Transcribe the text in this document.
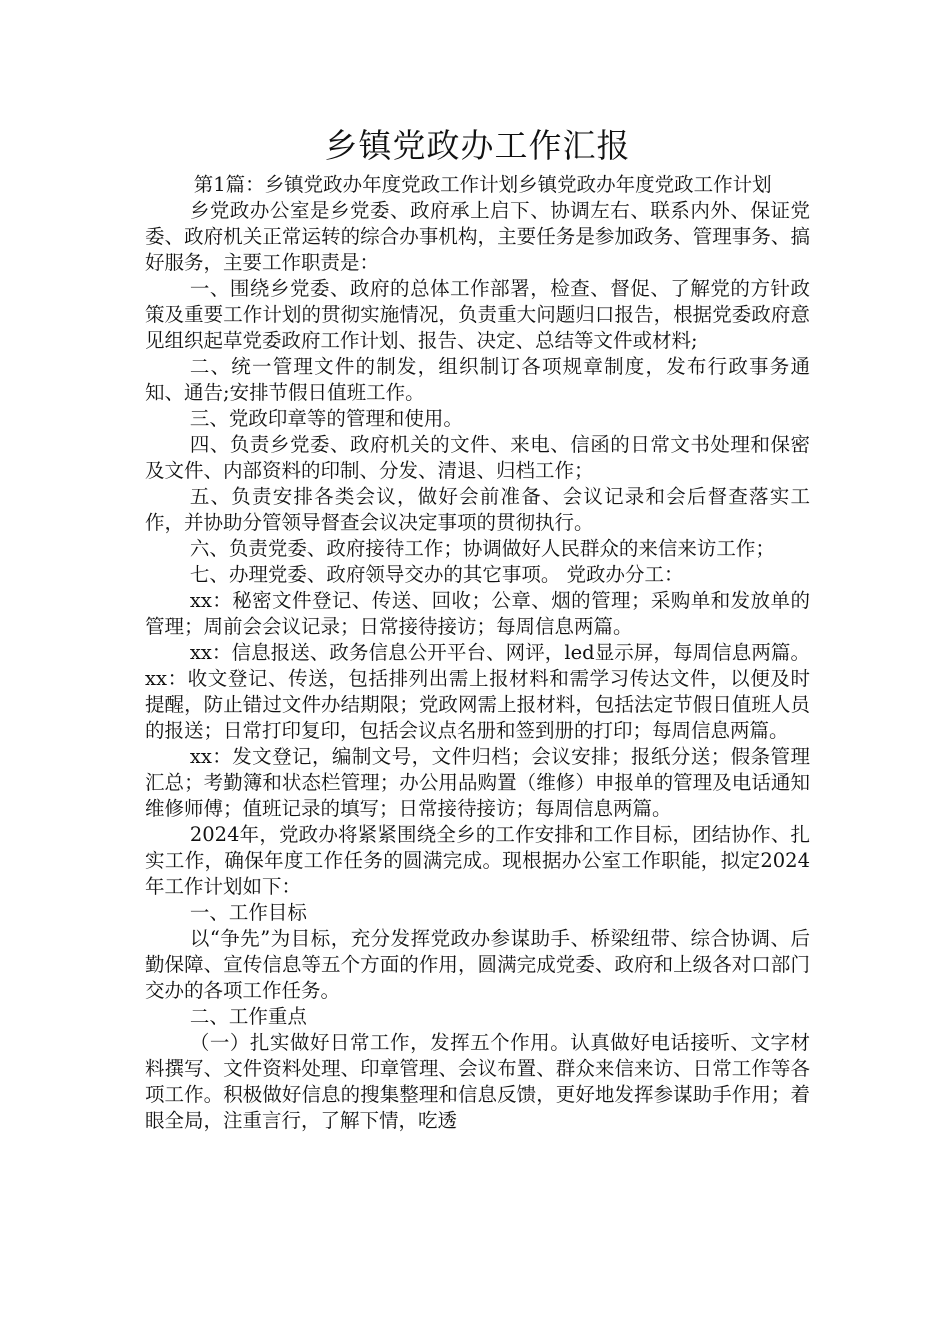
乡镇党政办工作汇报

第1篇：乡镇党政办年度党政工作计划乡镇党政办年度党政工作计划

乡党政办公室是乡党委、政府承上启下、协调左右、联系内外、保证党委、政府机关正常运转的综合办事机构，主要任务是参加政务、管理事务、搞好服务，主要工作职责是：

一、围绕乡党委、政府的总体工作部署，检查、督促、了解党的方针政策及重要工作计划的贯彻实施情况，负责重大问题归口报告，根据党委政府意见组织起草党委政府工作计划、报告、决定、总结等文件或材料;

二、统一管理文件的制发，组织制订各项规章制度，发布行政事务通知、通告;安排节假日值班工作。

三、党政印章等的管理和使用。

四、负责乡党委、政府机关的文件、来电、信函的日常文书处理和保密及文件、内部资料的印制、分发、清退、归档工作；

五、负责安排各类会议，做好会前准备、会议记录和会后督查落实工作，并协助分管领导督查会议决定事项的贯彻执行。

六、负责党委、政府接待工作；协调做好人民群众的来信来访工作；

七、办理党委、政府领导交办的其它事项。 党政办分工：

xx：秘密文件登记、传送、回收；公章、烟的管理；采购单和发放单的管理；周前会会议记录；日常接待接访；每周信息两篇。

xx：信息报送、政务信息公开平台、网评，led显示屏，每周信息两篇。 xx：收文登记、传送，包括排列出需上报材料和需学习传达文件，以便及时提醒，防止错过文件办结期限；党政网需上报材料，包括法定节假日值班人员的报送；日常打印复印，包括会议点名册和签到册的打印；每周信息两篇。

xx：发文登记，编制文号，文件归档；会议安排；报纸分送；假条管理汇总；考勤簿和状态栏管理；办公用品购置（维修）申报单的管理及电话通知维修师傅；值班记录的填写；日常接待接访；每周信息两篇。

2024年，党政办将紧紧围绕全乡的工作安排和工作目标，团结协作、扎实工作，确保年度工作任务的圆满完成。现根据办公室工作职能，拟定2024年工作计划如下：

一、工作目标

以“争先”为目标，充分发挥党政办参谋助手、桥梁纽带、综合协调、后勤保障、宣传信息等五个方面的作用，圆满完成党委、政府和上级各对口部门交办的各项工作任务。

二、工作重点

（一）扎实做好日常工作，发挥五个作用。认真做好电话接听、文字材料撰写、文件资料处理、印章管理、会议布置、群众来信来访、日常工作等各项工作。积极做好信息的搜集整理和信息反馈，更好地发挥参谋助手作用；着眼全局，注重言行，了解下情，吃透
